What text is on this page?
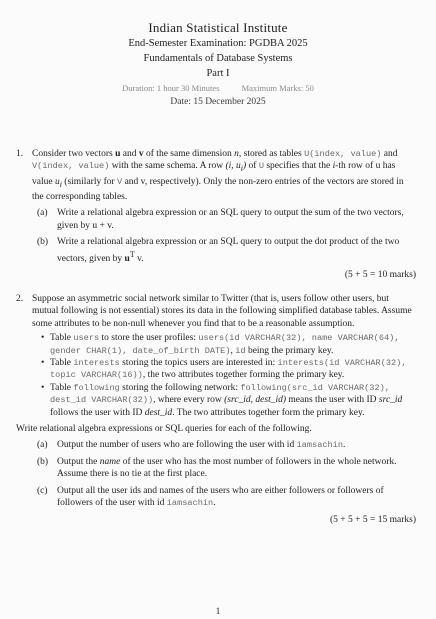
Indian Statistical Institute
End-Semester Examination: PGDBA 2025
Fundamentals of Database Systems
Part I
Duration: 1 hour 30 Minutes	Maximum Marks: 50
Date: 15 December 2025
1. Consider two vectors u and v of the same dimension n, stored as tables U(index, value) and V(index, value) with the same schema. A row (i, $u_i$) of U specifies that the i-th row of u has value $u_i$ (similarly for V and v, respectively). Only the non-zero entries of the vectors are stored in the corresponding tables.
(a) Write a relational algebra expression or an SQL query to output the sum of the two vectors, given by u + v.
(b) Write a relational algebra expression or an SQL query to output the dot product of the two vectors, given by $u^T$ v.
(5 + 5 = 10 marks)
2. Suppose an asymmetric social network similar to Twitter (that is, users follow other users, but mutual following is not essential) stores its data in the following simplified database tables. Assume some attributes to be non-null whenever you find that to be a reasonable assumption.
• Table users to store the user profiles: users(id VARCHAR(32), name VARCHAR(64), gender CHAR(1), date_of_birth DATE), id being the primary key.
• Table interests storing the topics users are interested in: interests(id VARCHAR(32), topic VARCHAR(16)), the two attributes together forming the primary key.
• Table following storing the following network: following(src_id VARCHAR(32), dest_id VARCHAR(32)), where every row (src_id, dest_id) means the user with ID src_id follows the user with ID dest_id. The two attributes together form the primary key.
Write relational algebra expressions or SQL queries for each of the following.
(a) Output the number of users who are following the user with id iamsachin.
(b) Output the name of the user who has the most number of followers in the whole network. Assume there is no tie at the first place.
(c) Output all the user ids and names of the users who are either followers or followers of followers of the user with id iamsachin.
(5 + 5 + 5 = 15 marks)
1
